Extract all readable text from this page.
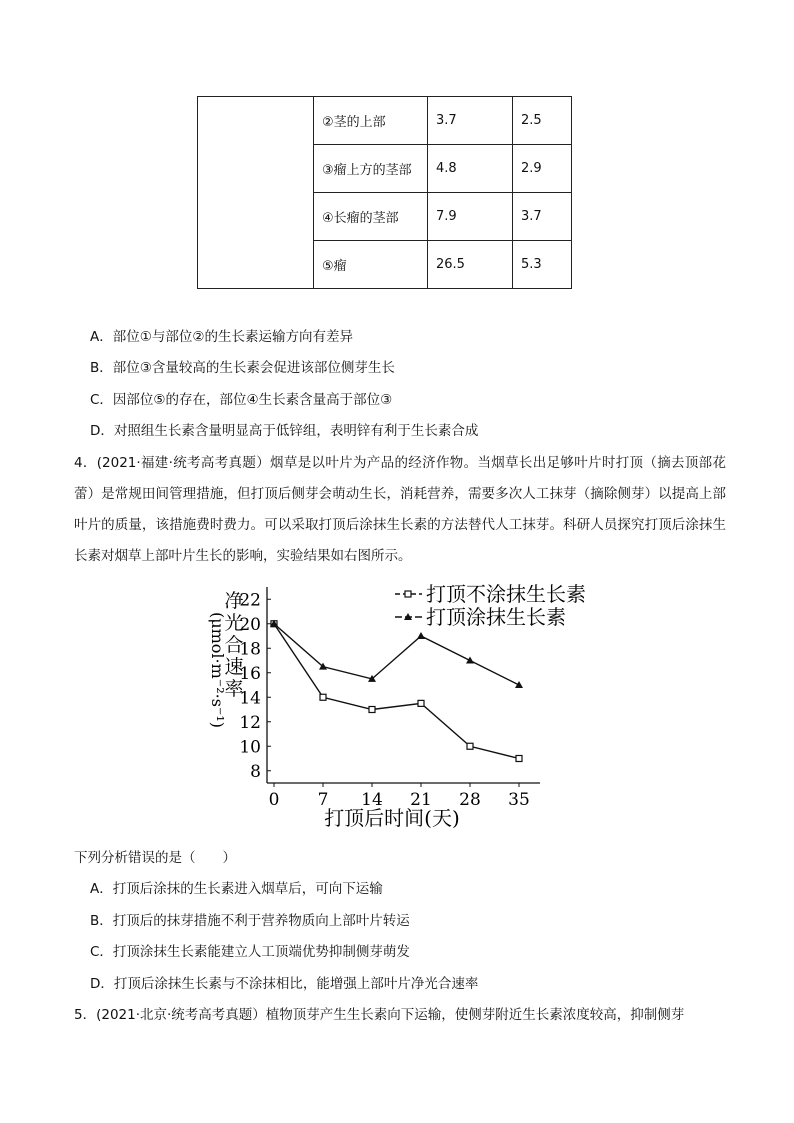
	②茎的上部	3.7	2.5
	③瘤上方的茎部	4.8	2.9
	④长瘤的茎部	7.9	3.7
	⑤瘤	26.5	5.3
A．部位①与部位②的生长素运输方向有差异
B．部位③含量较高的生长素会促进该部位侧芽生长
C．因部位⑤的存在，部位④生长素含量高于部位③
D．对照组生长素含量明显高于低锌组，表明锌有利于生长素合成
4．(2021·福建·统考高考真题）烟草是以叶片为产品的经济作物。当烟草长出足够叶片时打顶（摘去顶部花蕾）是常规田间管理措施，但打顶后侧芽会萌动生长，消耗营养，需要多次人工抹芽（摘除侧芽）以提高上部叶片的质量，该措施费时费力。可以采取打顶后涂抹生长素的方法替代人工抹芽。科研人员探究打顶后涂抹生长素对烟草上部叶片生长的影响，实验结果如右图所示。
8
10
12
14
16
18
20
22
0 7 14 21 28 35
打顶不涂抹生长素
打顶涂抹生长素
打顶后时间(天)
净
光
合
速
率
(μmol·m⁻²·s⁻¹)
下列分析错误的是（　　）
A．打顶后涂抹的生长素进入烟草后，可向下运输
B．打顶后的抹芽措施不利于营养物质向上部叶片转运
C．打顶涂抹生长素能建立人工顶端优势抑制侧芽萌发
D．打顶后涂抹生长素与不涂抹相比，能增强上部叶片净光合速率
5．(2021·北京·统考高考真题）植物顶芽产生生长素向下运输，使侧芽附近生长素浓度较高，抑制侧芽
